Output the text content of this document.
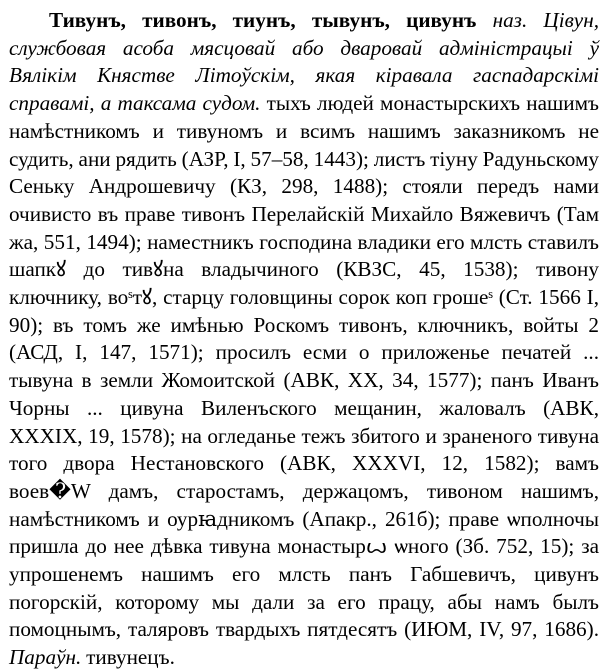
Тивунъ, тивонъ, тиунъ, тывунъ, цивунъ наз. Цівун, службовая асоба мясцовай або дваровай адміністрацыі ў Вялікім Княстве Літоўскім, якая кіравала гаспадарскімі справамі, а таксама судом. тыхъ людей монастырскихъ нашимъ намѣстникомъ и тивуномъ и всимъ нашимъ заказникомъ не судить, ани рядить (АЗР, I, 57–58, 1443); листъ тіуну Радуньскому Сеньку Андрошевичу (КЗ, 298, 1488); стояли передъ нами очивисто въ праве тивонъ Перелайскій Михайло Вяжевичъ (Там жа, 551, 1494); наместникъ господина владики его млсть ставилъ шапкꙋ до тивꙋна владычиного (КВЗС, 45, 1538); тивону ключнику, воˢтꙋ, старцу головщины сорок коп грошеˢ (Ст. 1566 I, 90); въ томъ же имѣнью Роскомъ тивонъ, ключникъ, войты 2 (АСД, I, 147, 1571); просилъ есми о приложенье печатей ... тывуна в земли Жомоитской (АВК, XX, 34, 1577); панъ Иванъ Чорны ... цивуна Виленъского мещанин, жаловалъ (АВК, XXXIX, 19, 1578); на огледанье тежъ збитого и зраненого тивуна того двора Нестановского (АВК, XXXVI, 12, 1582); вамъ воев�W дамъ, старостамъ, держацомъ, тивоном нашимъ, намѣстникомъ и оурꙗдникомъ (Апакр., 261б); праве ѡполночы пришла до нее дѣвка тивуна монастырꙍ ѡного (Зб. 752, 15); за упрошенемъ нашимъ его млсть панъ Габшевичъ, цивунъ погорскій, которому мы дали за его працу, абы намъ былъ помоцнымъ, таляровъ твардыхъ пятдесятъ (ИЮМ, IV, 97, 1686). Параўн. тивунецъ.
